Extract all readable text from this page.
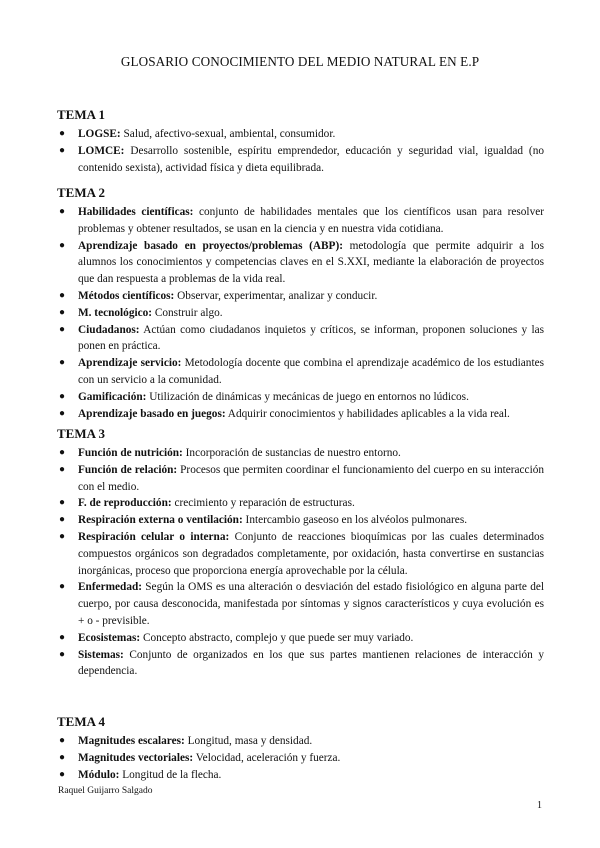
GLOSARIO CONOCIMIENTO DEL MEDIO NATURAL EN E.P
TEMA 1
● LOGSE: Salud, afectivo-sexual, ambiental, consumidor.
● LOMCE: Desarrollo sostenible, espíritu emprendedor, educación y seguridad vial, igualdad (no contenido sexista), actividad física y dieta equilibrada.
TEMA 2
● Habilidades científicas: conjunto de habilidades mentales que los científicos usan para resolver problemas y obtener resultados, se usan en la ciencia y en nuestra vida cotidiana.
● Aprendizaje basado en proyectos/problemas (ABP): metodología que permite adquirir a los alumnos los conocimientos y competencias claves en el S.XXI, mediante la elaboración de proyectos que dan respuesta a problemas de la vida real.
● Métodos científicos: Observar, experimentar, analizar y conducir.
● M. tecnológico: Construir algo.
● Ciudadanos: Actúan como ciudadanos inquietos y críticos, se informan, proponen soluciones y las ponen en práctica.
● Aprendizaje servicio: Metodología docente que combina el aprendizaje académico de los estudiantes con un servicio a la comunidad.
● Gamificación: Utilización de dinámicas y mecánicas de juego en entornos no lúdicos.
● Aprendizaje basado en juegos: Adquirir conocimientos y habilidades aplicables a la vida real.
TEMA 3
● Función de nutrición: Incorporación de sustancias de nuestro entorno.
● Función de relación: Procesos que permiten coordinar el funcionamiento del cuerpo en su interacción con el medio.
● F. de reproducción: crecimiento y reparación de estructuras.
● Respiración externa o ventilación: Intercambio gaseoso en los alvéolos pulmonares.
● Respiración celular o interna: Conjunto de reacciones bioquímicas por las cuales determinados compuestos orgánicos son degradados completamente, por oxidación, hasta convertirse en sustancias inorgánicas, proceso que proporciona energía aprovechable por la célula.
● Enfermedad: Según la OMS es una alteración o desviación del estado fisiológico en alguna parte del cuerpo, por causa desconocida, manifestada por síntomas y signos característicos y cuya evolución es + o - previsible.
● Ecosistemas: Concepto abstracto, complejo y que puede ser muy variado.
● Sistemas: Conjunto de organizados en los que sus partes mantienen relaciones de interacción y dependencia.
TEMA 4
● Magnitudes escalares: Longitud, masa y densidad.
● Magnitudes vectoriales: Velocidad, aceleración y fuerza.
● Módulo: Longitud de la flecha.
Raquel Guijarro Salgado
1
